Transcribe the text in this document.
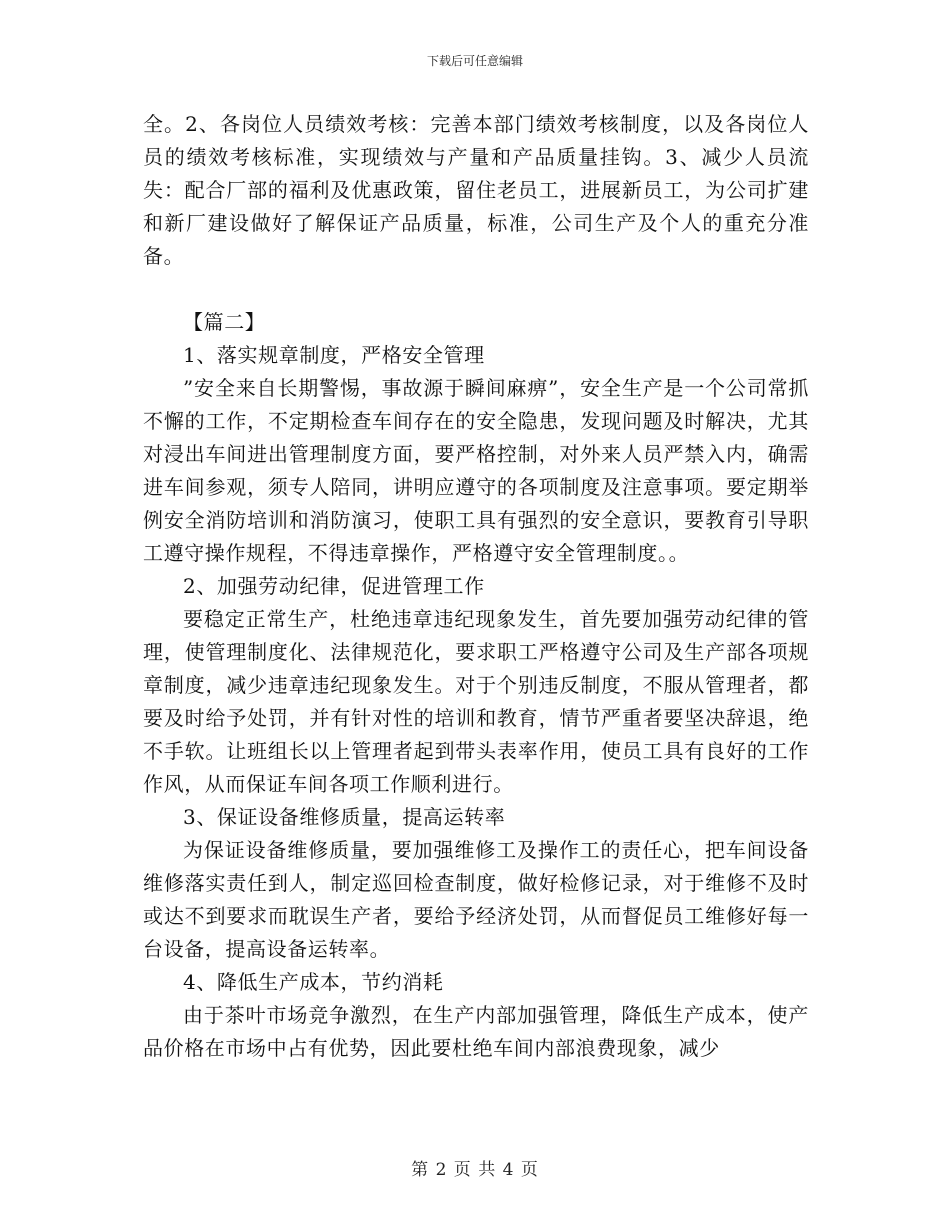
下载后可任意编辑

全。2、各岗位人员绩效考核：完善本部门绩效考核制度，以及各岗位人员的绩效考核标准，实现绩效与产量和产品质量挂钩。3、减少人员流失：配合厂部的福利及优惠政策，留住老员工，进展新员工，为公司扩建和新厂建设做好了解保证产品质量，标准，公司生产及个人的重充分准备。

【篇二】

1、落实规章制度，严格安全管理

”安全来自长期警惕，事故源于瞬间麻痹”，安全生产是一个公司常抓不懈的工作，不定期检查车间存在的安全隐患，发现问题及时解决，尤其对浸出车间进出管理制度方面，要严格控制，对外来人员严禁入内，确需进车间参观，须专人陪同，讲明应遵守的各项制度及注意事项。要定期举例安全消防培训和消防演习，使职工具有强烈的安全意识，要教育引导职工遵守操作规程，不得违章操作，严格遵守安全管理制度。。

2、加强劳动纪律，促进管理工作

要稳定正常生产，杜绝违章违纪现象发生，首先要加强劳动纪律的管理，使管理制度化、法律规范化，要求职工严格遵守公司及生产部各项规章制度，减少违章违纪现象发生。对于个别违反制度，不服从管理者，都要及时给予处罚，并有针对性的培训和教育，情节严重者要坚决辞退，绝不手软。让班组长以上管理者起到带头表率作用，使员工具有良好的工作作风，从而保证车间各项工作顺利进行。

3、保证设备维修质量，提高运转率

为保证设备维修质量，要加强维修工及操作工的责任心，把车间设备维修落实责任到人，制定巡回检查制度，做好检修记录，对于维修不及时或达不到要求而耽误生产者，要给予经济处罚，从而督促员工维修好每一台设备，提高设备运转率。

4、降低生产成本，节约消耗

由于茶叶市场竞争激烈，在生产内部加强管理，降低生产成本，使产品价格在市场中占有优势，因此要杜绝车间内部浪费现象，减少

第 2 页 共 4 页
